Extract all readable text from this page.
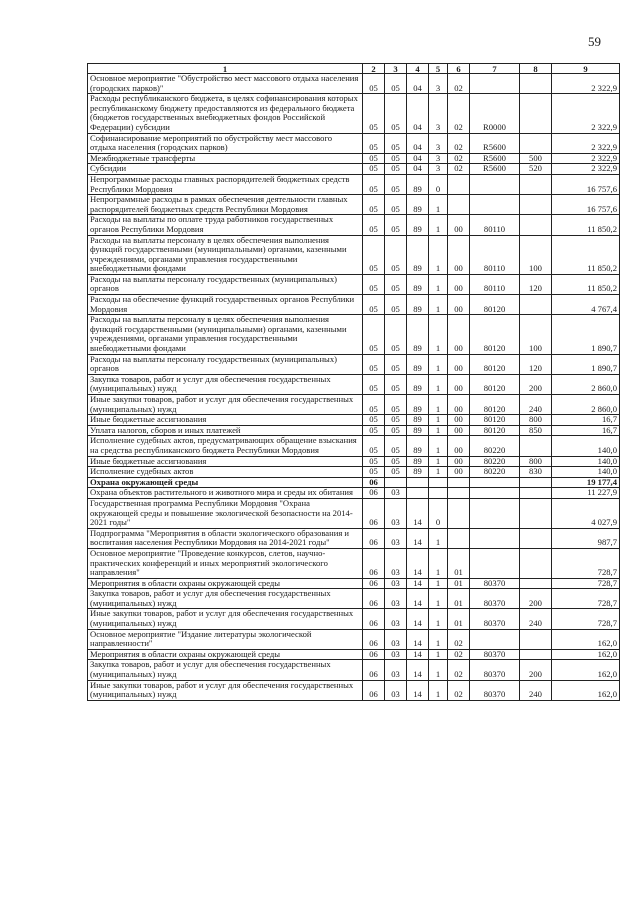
59
1	2	3	4	5	6	7	8	9
Основное мероприятие "Обустройство мест массового отдыха населения (городских парков)"	05	05	04	3	02			2 322,9
Расходы республиканского бюджета, в целях софинансирования которых республиканскому бюджету предоставляются из федерального бюджета (бюджетов государственных внебюджетных фондов Российской Федерации) субсидии	05	05	04	3	02	R0000		2 322,9
Софинансирование мероприятий по обустройству мест массового отдыха населения (городских парков)	05	05	04	3	02	R5600		2 322,9
Межбюджетные трансферты	05	05	04	3	02	R5600	500	2 322,9
Субсидии	05	05	04	3	02	R5600	520	2 322,9
Непрограммные расходы главных распорядителей бюджетных средств Республики Мордовия	05	05	89	0				16 757,6
Непрограммные расходы в рамках обеспечения деятельности главных распорядителей бюджетных средств Республики Мордовия	05	05	89	1				16 757,6
Расходы на выплаты по оплате труда работников государственных органов Республики Мордовия	05	05	89	1	00	80110		11 850,2
Расходы на выплаты персоналу в целях обеспечения выполнения функций государственными (муниципальными) органами, казенными учреждениями, органами управления государственными внебюджетными фондами	05	05	89	1	00	80110	100	11 850,2
Расходы на выплаты персоналу государственных (муниципальных) органов	05	05	89	1	00	80110	120	11 850,2
Расходы на обеспечение функций государственных органов Республики Мордовия	05	05	89	1	00	80120		4 767,4
Расходы на выплаты персоналу в целях обеспечения выполнения функций государственными (муниципальными) органами, казенными учреждениями, органами управления государственными внебюджетными фондами	05	05	89	1	00	80120	100	1 890,7
Расходы на выплаты персоналу государственных (муниципальных) органов	05	05	89	1	00	80120	120	1 890,7
Закупка товаров, работ и услуг для обеспечения государственных (муниципальных) нужд	05	05	89	1	00	80120	200	2 860,0
Иные закупки товаров, работ и услуг для обеспечения государственных (муниципальных) нужд	05	05	89	1	00	80120	240	2 860,0
Иные бюджетные ассигнования	05	05	89	1	00	80120	800	16,7
Уплата налогов, сборов и иных платежей	05	05	89	1	00	80120	850	16,7
Исполнение судебных актов, предусматривающих обращение взыскания на средства республиканского бюджета Республики Мордовия	05	05	89	1	00	80220		140,0
Иные бюджетные ассигнования	05	05	89	1	00	80220	800	140,0
Исполнение судебных актов	05	05	89	1	00	80220	830	140,0
Охрана окружающей среды	06							19 177,4
Охрана объектов растительного и животного мира и среды их обитания	06	03						11 227,9
Государственная программа Республики Мордовия "Охрана окружающей среды и повышение экологической безопасности на 2014-2021 годы"	06	03	14	0				4 027,9
Подпрограмма "Мероприятия в области экологического образования и воспитания населения Республики Мордовия на 2014-2021 годы"	06	03	14	1				987,7
Основное мероприятие "Проведение конкурсов, слетов, научно-практических конференций и иных мероприятий экологического направления"	06	03	14	1	01			728,7
Мероприятия в области охраны окружающей среды	06	03	14	1	01	80370		728,7
Закупка товаров, работ и услуг для обеспечения государственных (муниципальных) нужд	06	03	14	1	01	80370	200	728,7
Иные закупки товаров, работ и услуг для обеспечения государственных (муниципальных) нужд	06	03	14	1	01	80370	240	728,7
Основное мероприятие "Издание литературы экологической направленности"	06	03	14	1	02			162,0
Мероприятия в области охраны окружающей среды	06	03	14	1	02	80370		162,0
Закупка товаров, работ и услуг для обеспечения государственных (муниципальных) нужд	06	03	14	1	02	80370	200	162,0
Иные закупки товаров, работ и услуг для обеспечения государственных (муниципальных) нужд	06	03	14	1	02	80370	240	162,0
